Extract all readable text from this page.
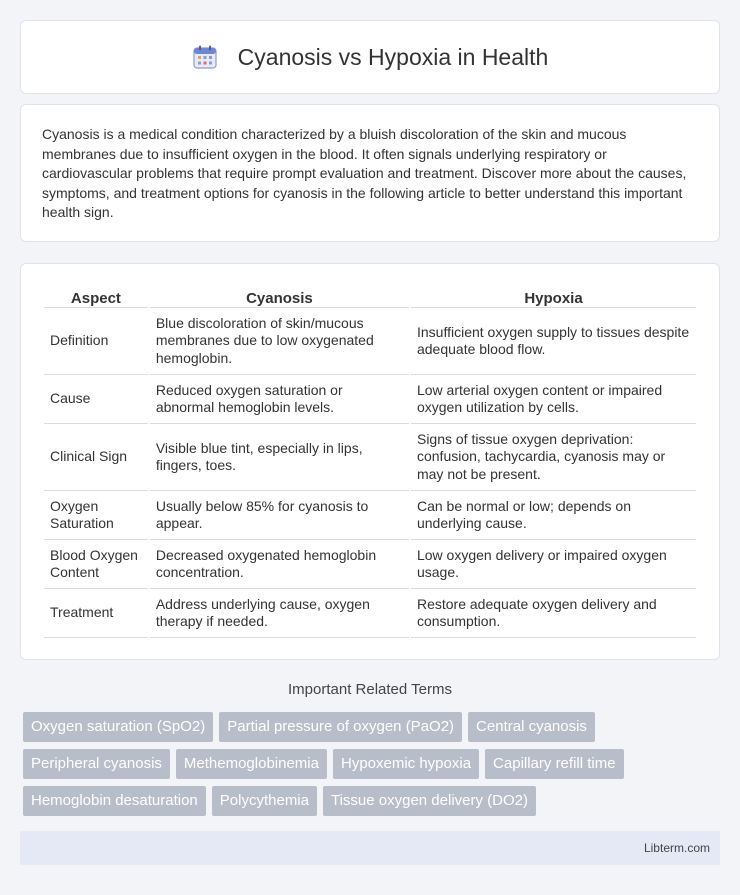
Cyanosis vs Hypoxia in Health

Cyanosis is a medical condition characterized by a bluish discoloration of the skin and mucous membranes due to insufficient oxygen in the blood. It often signals underlying respiratory or cardiovascular problems that require prompt evaluation and treatment. Discover more about the causes, symptoms, and treatment options for cyanosis in the following article to better understand this important health sign.

Aspect	Cyanosis	Hypoxia
Definition	Blue discoloration of skin/mucous membranes due to low oxygenated hemoglobin.	Insufficient oxygen supply to tissues despite adequate blood flow.
Cause	Reduced oxygen saturation or abnormal hemoglobin levels.	Low arterial oxygen content or impaired oxygen utilization by cells.
Clinical Sign	Visible blue tint, especially in lips, fingers, toes.	Signs of tissue oxygen deprivation: confusion, tachycardia, cyanosis may or may not be present.
Oxygen Saturation	Usually below 85% for cyanosis to appear.	Can be normal or low; depends on underlying cause.
Blood Oxygen Content	Decreased oxygenated hemoglobin concentration.	Low oxygen delivery or impaired oxygen usage.
Treatment	Address underlying cause, oxygen therapy if needed.	Restore adequate oxygen delivery and consumption.
Important Related Terms
Oxygen saturation (SpO2)	Partial pressure of oxygen (PaO2)	Central cyanosis
Peripheral cyanosis	Methemoglobinemia	Hypoxemic hypoxia	Capillary refill time
Hemoglobin desaturation	Polycythemia	Tissue oxygen delivery (DO2)
Libterm.com
